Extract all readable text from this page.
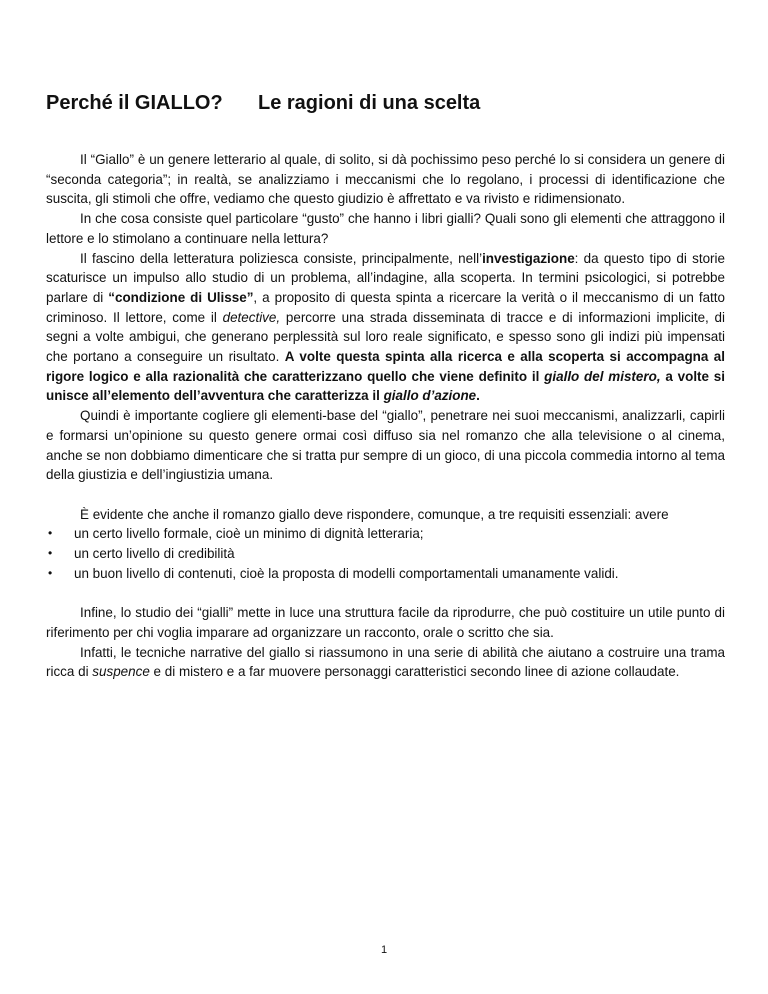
Perché il GIALLO? Le ragioni di una scelta

Il “Giallo” è un genere letterario al quale, di solito, si dà pochissimo peso perché lo si considera un genere di “seconda categoria”; in realtà, se analizziamo i meccanismi che lo regolano, i processi di identificazione che suscita, gli stimoli che offre, vediamo che questo giudizio è affrettato e va rivisto e ridimensionato.

In che cosa consiste quel particolare “gusto” che hanno i libri gialli? Quali sono gli elementi che attraggono il lettore e lo stimolano a continuare nella lettura?

Il fascino della letteratura poliziesca consiste, principalmente, nell’investigazione: da questo tipo di storie scaturisce un impulso allo studio di un problema, all’indagine, alla scoperta. In termini psicologici, si potrebbe parlare di “condizione di Ulisse”, a proposito di questa spinta a ricercare la verità o il meccanismo di un fatto criminoso. Il lettore, come il detective, percorre una strada disseminata di tracce e di informazioni implicite, di segni a volte ambigui, che generano perplessità sul loro reale significato, e spesso sono gli indizi più impensati che portano a conseguire un risultato. A volte questa spinta alla ricerca e alla scoperta si accompagna al rigore logico e alla razionalità che caratterizzano quello che viene definito il giallo del mistero, a volte si unisce all’elemento dell’avventura che caratterizza il giallo d’azione.

Quindi è importante cogliere gli elementi-base del “giallo”, penetrare nei suoi meccanismi, analizzarli, capirli e formarsi un’opinione su questo genere ormai così diffuso sia nel romanzo che alla televisione o al cinema, anche se non dobbiamo dimenticare che si tratta pur sempre di un gioco, di una piccola commedia intorno al tema della giustizia e dell’ingiustizia umana.

È evidente che anche il romanzo giallo deve rispondere, comunque, a tre requisiti essenziali: avere

• un certo livello formale, cioè un minimo di dignità letteraria;
• un certo livello di credibilità
• un buon livello di contenuti, cioè la proposta di modelli comportamentali umanamente validi.

Infine, lo studio dei “gialli” mette in luce una struttura facile da riprodurre, che può costituire un utile punto di riferimento per chi voglia imparare ad organizzare un racconto, orale o scritto che sia.

Infatti, le tecniche narrative del giallo si riassumono in una serie di abilità che aiutano a costruire una trama ricca di suspence e di mistero e a far muovere personaggi caratteristici secondo linee di azione collaudate.

1
